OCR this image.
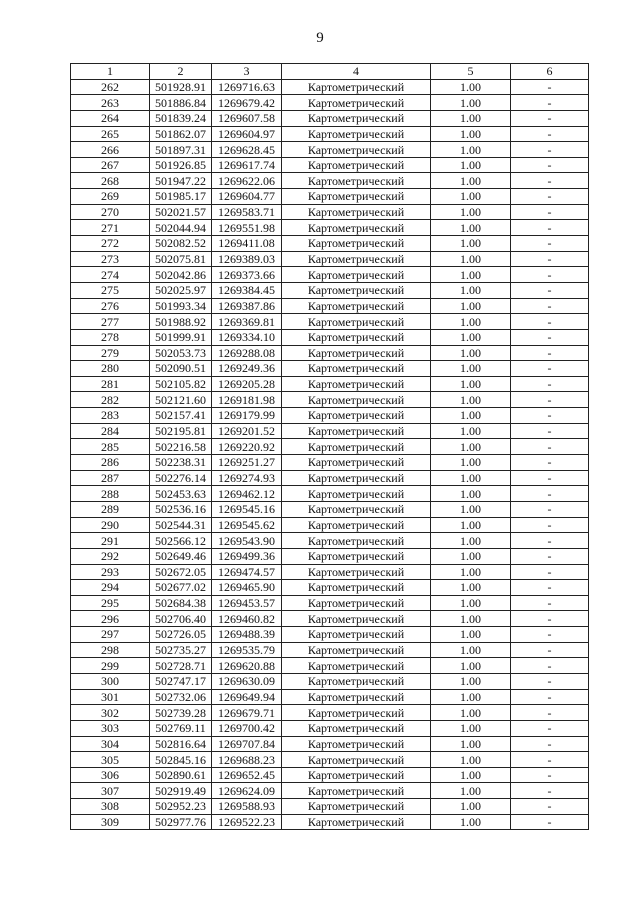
9
1	2	3	4	5	6
262	501928.91	1269716.63	Картометрический	1.00	-
263	501886.84	1269679.42	Картометрический	1.00	-
264	501839.24	1269607.58	Картометрический	1.00	-
265	501862.07	1269604.97	Картометрический	1.00	-
266	501897.31	1269628.45	Картометрический	1.00	-
267	501926.85	1269617.74	Картометрический	1.00	-
268	501947.22	1269622.06	Картометрический	1.00	-
269	501985.17	1269604.77	Картометрический	1.00	-
270	502021.57	1269583.71	Картометрический	1.00	-
271	502044.94	1269551.98	Картометрический	1.00	-
272	502082.52	1269411.08	Картометрический	1.00	-
273	502075.81	1269389.03	Картометрический	1.00	-
274	502042.86	1269373.66	Картометрический	1.00	-
275	502025.97	1269384.45	Картометрический	1.00	-
276	501993.34	1269387.86	Картометрический	1.00	-
277	501988.92	1269369.81	Картометрический	1.00	-
278	501999.91	1269334.10	Картометрический	1.00	-
279	502053.73	1269288.08	Картометрический	1.00	-
280	502090.51	1269249.36	Картометрический	1.00	-
281	502105.82	1269205.28	Картометрический	1.00	-
282	502121.60	1269181.98	Картометрический	1.00	-
283	502157.41	1269179.99	Картометрический	1.00	-
284	502195.81	1269201.52	Картометрический	1.00	-
285	502216.58	1269220.92	Картометрический	1.00	-
286	502238.31	1269251.27	Картометрический	1.00	-
287	502276.14	1269274.93	Картометрический	1.00	-
288	502453.63	1269462.12	Картометрический	1.00	-
289	502536.16	1269545.16	Картометрический	1.00	-
290	502544.31	1269545.62	Картометрический	1.00	-
291	502566.12	1269543.90	Картометрический	1.00	-
292	502649.46	1269499.36	Картометрический	1.00	-
293	502672.05	1269474.57	Картометрический	1.00	-
294	502677.02	1269465.90	Картометрический	1.00	-
295	502684.38	1269453.57	Картометрический	1.00	-
296	502706.40	1269460.82	Картометрический	1.00	-
297	502726.05	1269488.39	Картометрический	1.00	-
298	502735.27	1269535.79	Картометрический	1.00	-
299	502728.71	1269620.88	Картометрический	1.00	-
300	502747.17	1269630.09	Картометрический	1.00	-
301	502732.06	1269649.94	Картометрический	1.00	-
302	502739.28	1269679.71	Картометрический	1.00	-
303	502769.11	1269700.42	Картометрический	1.00	-
304	502816.64	1269707.84	Картометрический	1.00	-
305	502845.16	1269688.23	Картометрический	1.00	-
306	502890.61	1269652.45	Картометрический	1.00	-
307	502919.49	1269624.09	Картометрический	1.00	-
308	502952.23	1269588.93	Картометрический	1.00	-
309	502977.76	1269522.23	Картометрический	1.00	-
